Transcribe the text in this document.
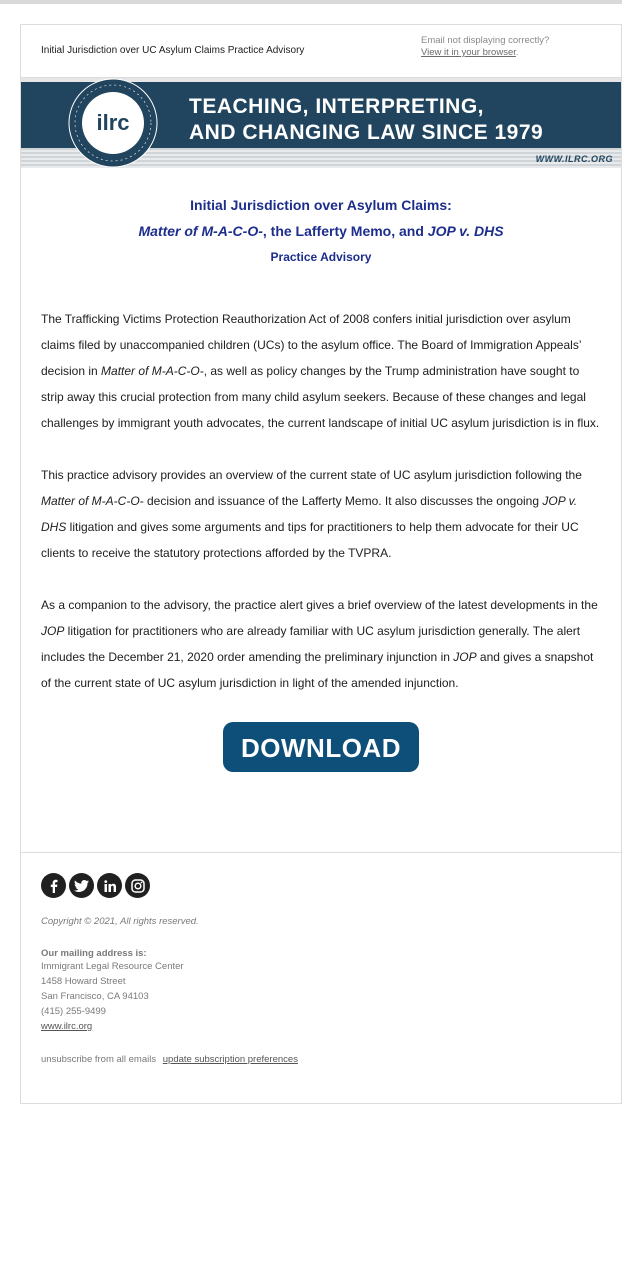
Initial Jurisdiction over UC Asylum Claims Practice Advisory
Email not displaying correctly?
View it in your browser.
ilrc
TEACHING, INTERPRETING,
AND CHANGING LAW SINCE 1979
WWW.ILRC.ORG
Initial Jurisdiction over Asylum Claims:
Matter of M-A-C-O-, the Lafferty Memo, and JOP v. DHS
Practice Advisory

The Trafficking Victims Protection Reauthorization Act of 2008 confers initial jurisdiction over asylum claims filed by unaccompanied children (UCs) to the asylum office. The Board of Immigration Appeals’ decision in Matter of M-A-C-O-, as well as policy changes by the Trump administration have sought to strip away this crucial protection from many child asylum seekers. Because of these changes and legal challenges by immigrant youth advocates, the current landscape of initial UC asylum jurisdiction is in flux.

This practice advisory provides an overview of the current state of UC asylum jurisdiction following the Matter of M-A-C-O- decision and issuance of the Lafferty Memo. It also discusses the ongoing JOP v. DHS litigation and gives some arguments and tips for practitioners to help them advocate for their UC clients to receive the statutory protections afforded by the TVPRA.

As a companion to the advisory, the practice alert gives a brief overview of the latest developments in the JOP litigation for practitioners who are already familiar with UC asylum jurisdiction generally. The alert includes the December 21, 2020 order amending the preliminary injunction in JOP and gives a snapshot of the current state of UC asylum jurisdiction in light of the amended injunction.

DOWNLOAD
Copyright © 2021, All rights reserved.
Our mailing address is:
Immigrant Legal Resource Center
1458 Howard Street
San Francisco, CA 94103
(415) 255-9499
www.ilrc.org
unsubscribe from all emails update subscription preferences
